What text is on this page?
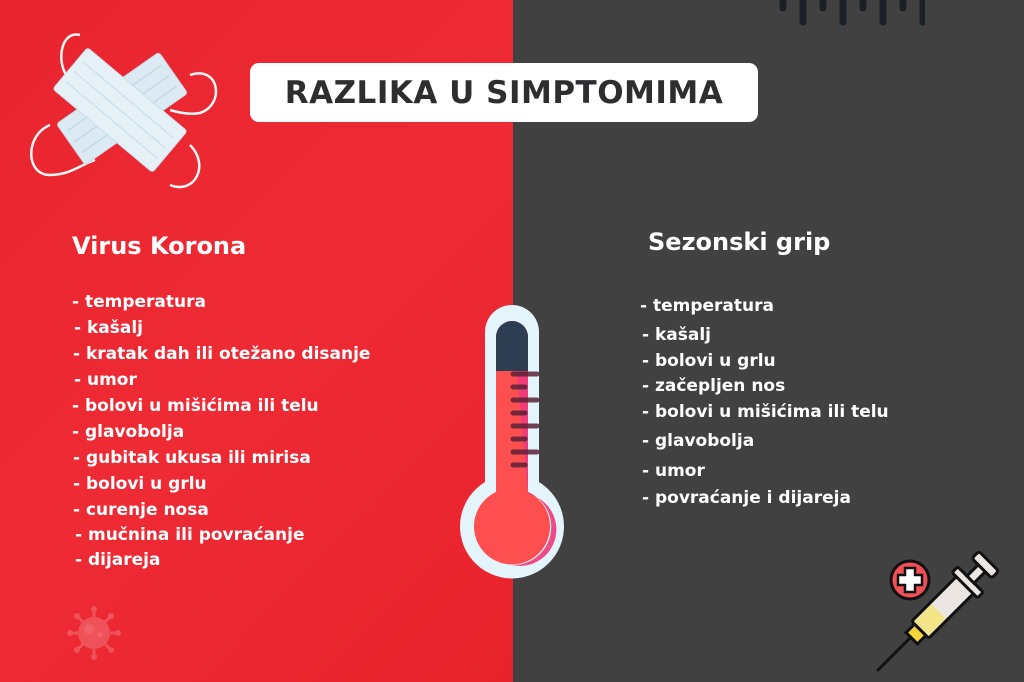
RAZLIKA U SIMPTOMIMA
Virus Korona
- temperatura
- kašalj
- kratak dah ili otežano disanje
- umor
- bolovi u mišićima ili telu
- glavobolja
- gubitak ukusa ili mirisa
- bolovi u grlu
- curenje nosa
- mučnina ili povraćanje
- dijareja
Sezonski grip
- temperatura
- kašalj
- bolovi u grlu
- začepljen nos
- bolovi u mišićima ili telu
- glavobolja
- umor
- povraćanje i dijareja
